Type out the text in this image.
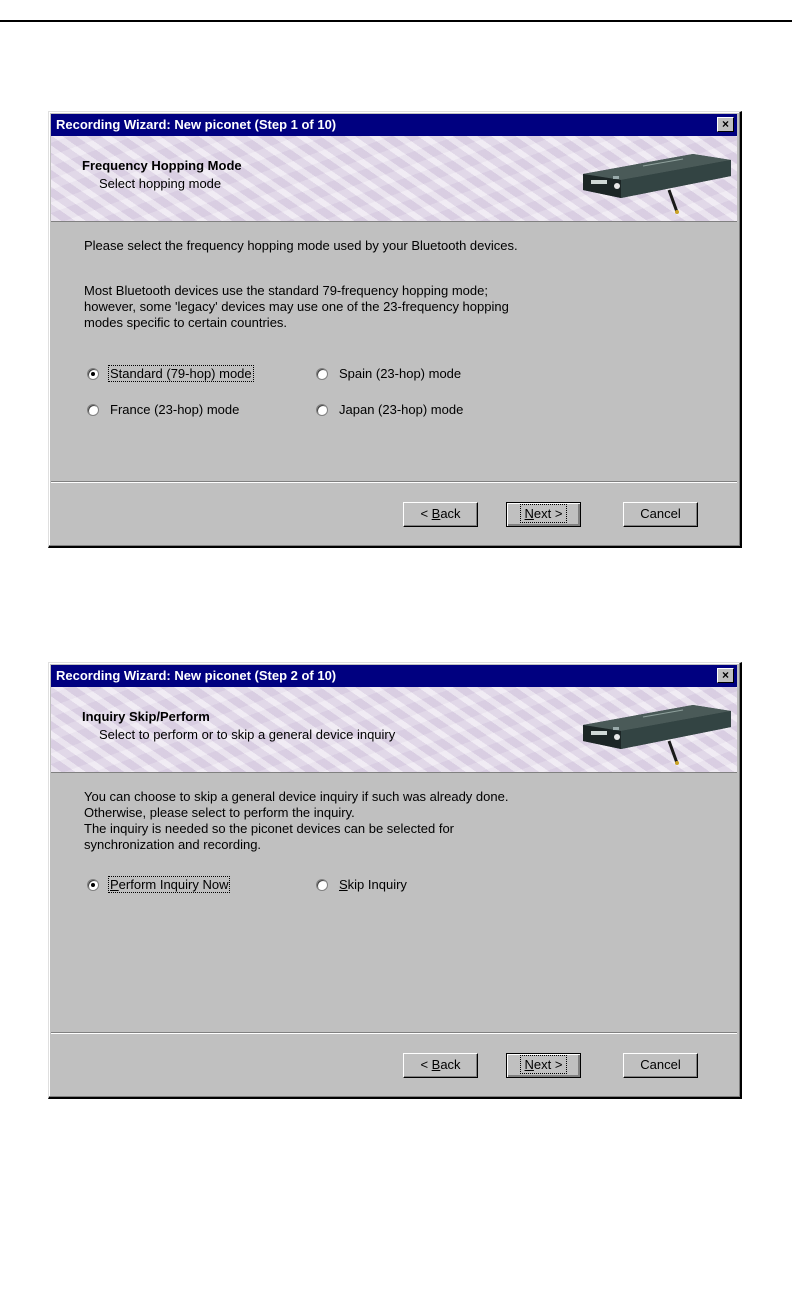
Recording Wizard: New piconet (Step 1 of 10)	×
Frequency Hopping Mode
Select hopping mode

Please select the frequency hopping mode used by your Bluetooth devices.

Most Bluetooth devices use the standard 79-frequency hopping mode;

however, some 'legacy' devices may use one of the 23-frequency hopping

modes specific to certain countries.

Standard (79-hop) mode	Spain (23-hop) mode
France (23-hop) mode	Japan (23-hop) mode
< Back	Next >	Cancel
Recording Wizard: New piconet (Step 2 of 10)	×
Inquiry Skip/Perform
Select to perform or to skip a general device inquiry

You can choose to skip a general device inquiry if such was already done.

Otherwise, please select to perform the inquiry.

The inquiry is needed so the piconet devices can be selected for

synchronization and recording.

Perform Inquiry Now	Skip Inquiry
< Back	Next >	Cancel
